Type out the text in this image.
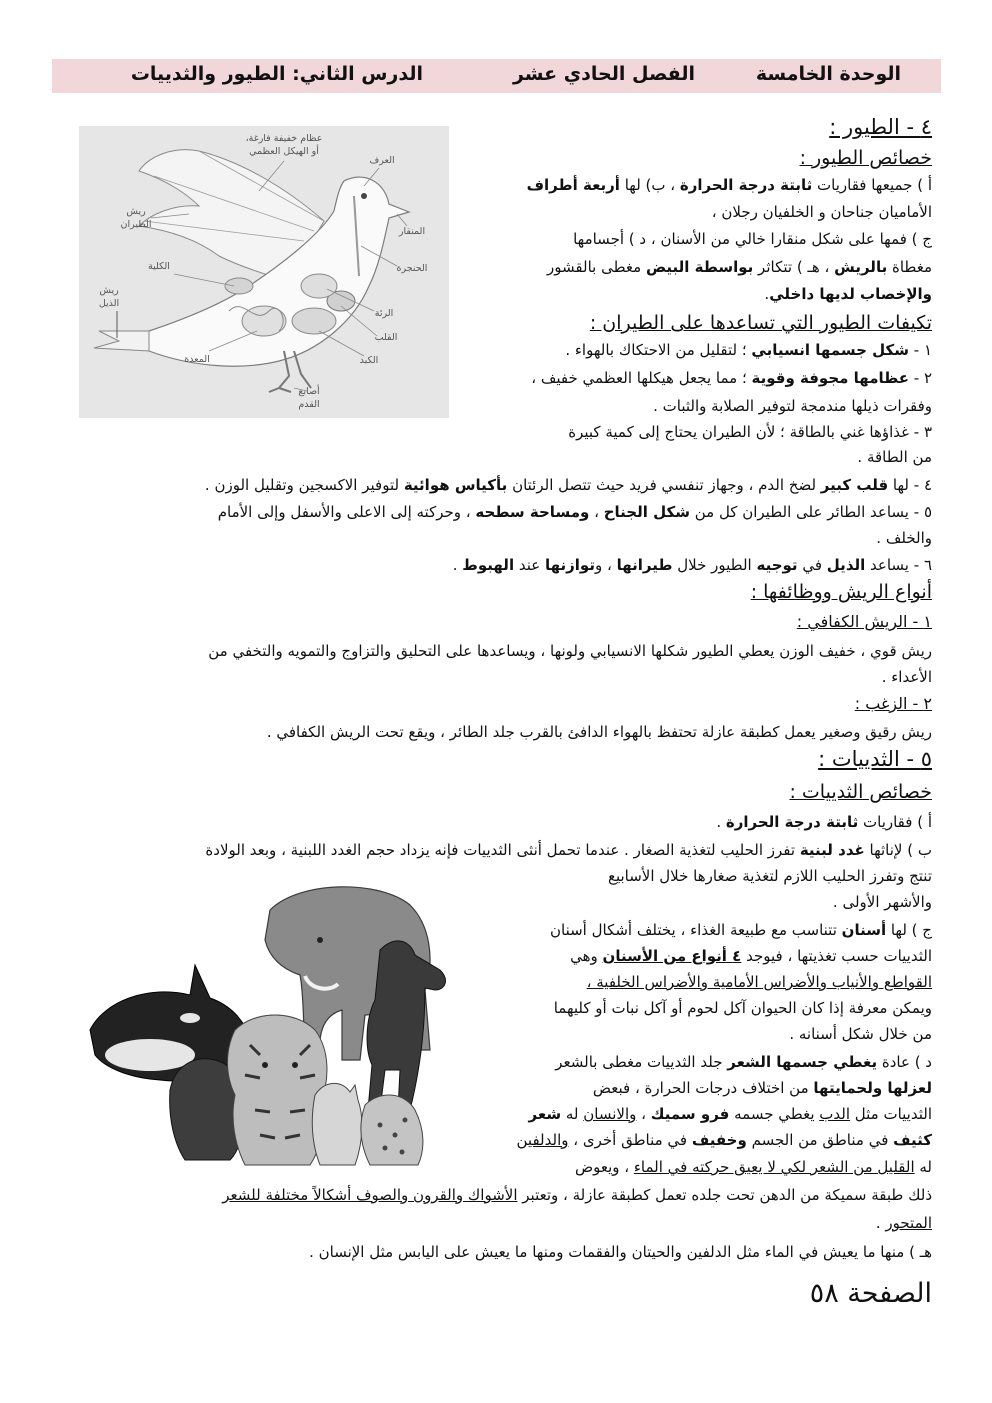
الوحدة الخامسة
الفصل الحادي عشر
الدرس الثاني: الطيور والثدييات
عظام خفيفة فارغة،
أو الهيكل العظمي
العرف
ريش
الطيران
المنقار
الكلية	الحنجرة
ريش
الذيل
الرئة
القلب
المعدة	الكبد
أصابع
القدم
٤ - الطيور :
خصائص الطيور :
أ ) جميعها فقاريات ثابتة درجة الحرارة ، ب) لها أربعة أطراف
الأماميان جناحان و الخلفيان رجلان ،
ج ) فمها على شكل منقارا خالي من الأسنان ، د ) أجسامها
مغطاة بالريش ، هـ ) تتكاثر بواسطة البيض مغطى بالقشور
والإخصاب لديها داخلي.
تكيفات الطيور التي تساعدها على الطيران :
١ - شكل جسمها انسيابي ؛ لتقليل من الاحتكاك بالهواء .
٢ - عظامها مجوفة وقوية ؛ مما يجعل هيكلها العظمي خفيف ،
وفقرات ذيلها مندمجة لتوفير الصلابة والثبات .
٣ - غذاؤها غني بالطاقة ؛ لأن الطيران يحتاج إلى كمية كبيرة
من الطاقة .
٤ - لها قلب كبير لضخ الدم ، وجهاز تنفسي فريد حيث تتصل الرئتان بأكياس هوائية لتوفير الاكسجين وتقليل الوزن .
٥ - يساعد الطائر على الطيران كل من شكل الجناح ، ومساحة سطحه ، وحركته إلى الاعلى والأسفل وإلى الأمام
والخلف .
٦ - يساعد الذيل في توجيه الطيور خلال طيرانها ، وتوازنها عند الهبوط .
أنواع الريش ووظائفها :
١ - الريش الكفافي :
ريش قوي ، خفيف الوزن يعطي الطيور شكلها الانسيابي ولونها ، ويساعدها على التحليق والتزاوج والتمويه والتخفي من
الأعداء .
٢ - الزغب :
ريش رقيق وصغير يعمل كطبقة عازلة تحتفظ بالهواء الدافئ بالقرب جلد الطائر ، ويقع تحت الريش الكفافي .
٥ - الثدييات :
خصائص الثدييات :
أ ) فقاريات ثابتة درجة الحرارة .
ب ) لإناثها غدد لبنية تفرز الحليب لتغذية الصغار . عندما تحمل أنثى الثدييات فإنه يزداد حجم الغدد اللبنية ، وبعد الولادة
تنتج وتفرز الحليب اللازم لتغذية صغارها خلال الأسابيع
والأشهر الأولى .
ج ) لها أسنان تتناسب مع طبيعة الغذاء ، يختلف أشكال أسنان
الثدييات حسب تغذيتها ، فيوجد ٤ أنواع من الأسنان وهي
القواطع والأنياب والأضراس الأمامية والأضراس الخلفية ،
ويمكن معرفة إذا كان الحيوان آكل لحوم أو آكل نبات أو كليهما
من خلال شكل أسنانه .
د ) عادة يغطي جسمها الشعر جلد الثدييات مغطى بالشعر
لعزلها ولحمايتها من اختلاف درجات الحرارة ، فبعض
الثدييات مثل الدب يغطي جسمه فرو سميك ، والانسان له شعر
كثيف في مناطق من الجسم وخفيف في مناطق أخرى ، والدلفين
له القليل من الشعر لكي لا يعيق حركته في الماء ، ويعوض
ذلك طبقة سميكة من الدهن تحت جلده تعمل كطبقة عازلة ، وتعتبر الأشواك والقرون والصوف أشكالاً مختلفة للشعر
المتحور .
هـ ) منها ما يعيش في الماء مثل الدلفين والحيتان والفقمات ومنها ما يعيش على اليابس مثل الإنسان .
الصفحة ٥٨
